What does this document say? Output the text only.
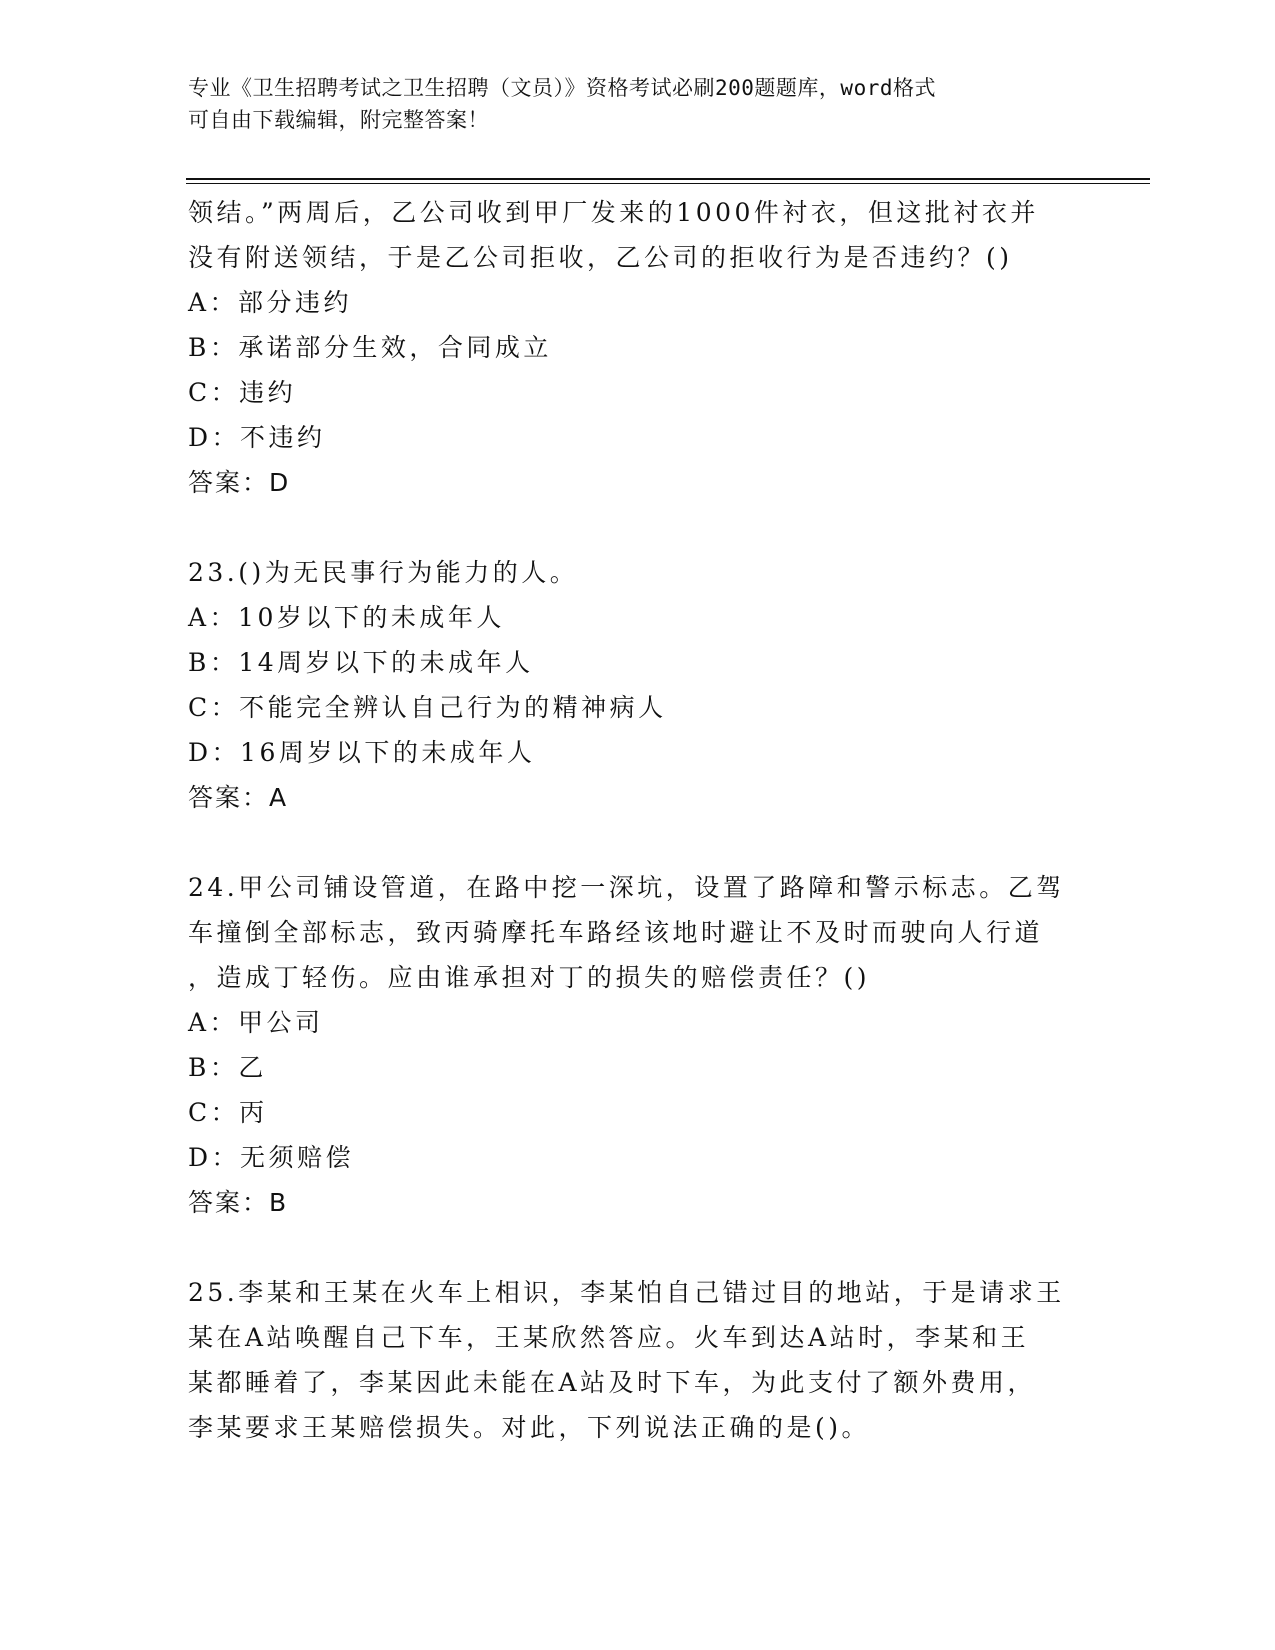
专业《卫生招聘考试之卫生招聘（文员）》资格考试必刷200题题库，word格式
可自由下载编辑，附完整答案！
领结。”两周后，乙公司收到甲厂发来的1000件衬衣，但这批衬衣并
没有附送领结，于是乙公司拒收，乙公司的拒收行为是否违约？()
A：部分违约
B：承诺部分生效，合同成立
C：违约
D：不违约
答案：D
23.()为无民事行为能力的人。
A：10岁以下的未成年人
B：14周岁以下的未成年人
C：不能完全辨认自己行为的精神病人
D：16周岁以下的未成年人
答案：A
24.甲公司铺设管道，在路中挖一深坑，设置了路障和警示标志。乙驾
车撞倒全部标志，致丙骑摩托车路经该地时避让不及时而驶向人行道
，造成丁轻伤。应由谁承担对丁的损失的赔偿责任？()
A：甲公司
B：乙
C：丙
D：无须赔偿
答案：B
25.李某和王某在火车上相识，李某怕自己错过目的地站，于是请求王
某在A站唤醒自己下车，王某欣然答应。火车到达A站时，李某和王
某都睡着了，李某因此未能在A站及时下车，为此支付了额外费用，
李某要求王某赔偿损失。对此，下列说法正确的是()。
